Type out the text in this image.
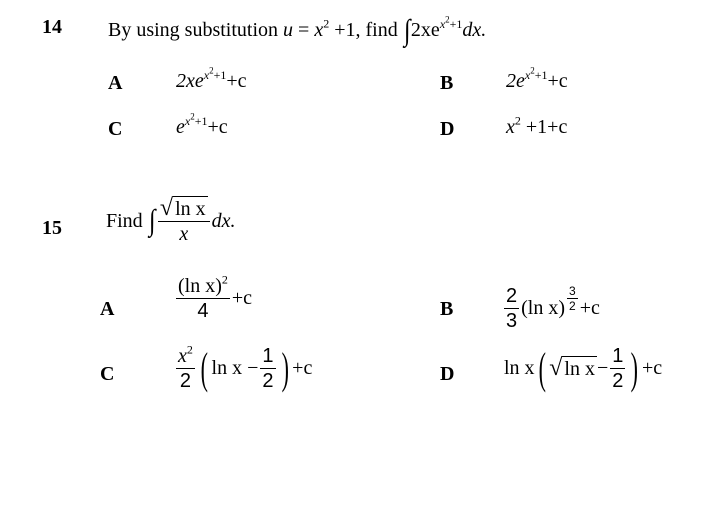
14 By using substitution $u = x^2 +1$, find $\int 2xe^{x^2+1}dx$.
A	$2xe^{x^2+1}+c$	B	$2e^{x^2+1}+c$
C	$e^{x^2+1}+c$	D	$x^2 +1+c$
15 Find
∫ $\frac{\text{√ ln x}}{x}$ dx.
A	$\frac{(\ln x)^2}{4} +c$	B	$\frac{2}{3} (\ln$ $x) \frac{3}{2} +c$
C	$\frac{x^2}{2}$ ( $\ln x - \frac{1}{2}$ ) +c	D ln x ( √ $\ln x - \frac{1}{2}$ ) +c
